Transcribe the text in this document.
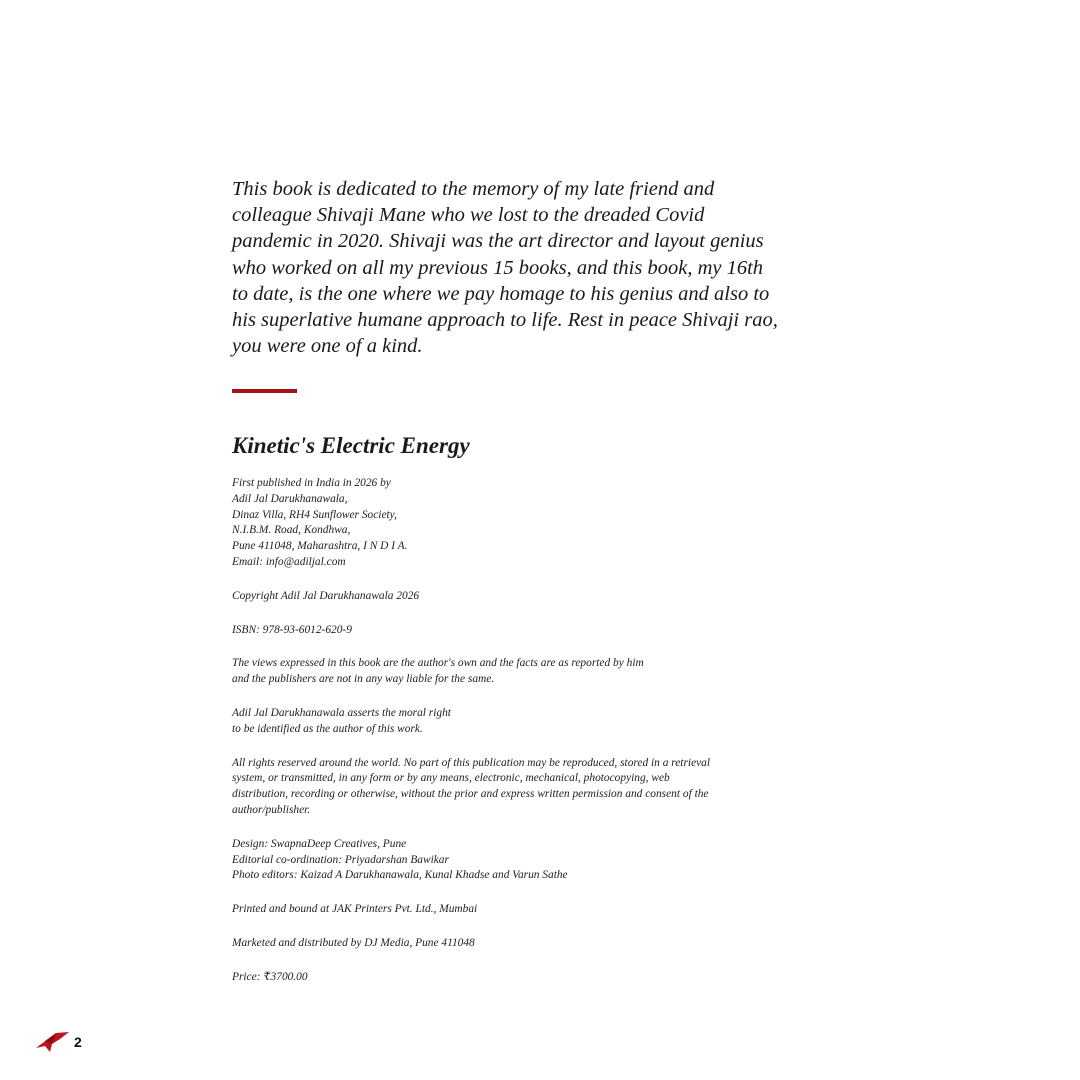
This book is dedicated to the memory of my late friend and
colleague Shivaji Mane who we lost to the dreaded Covid
pandemic in 2020. Shivaji was the art director and layout genius
who worked on all my previous 15 books, and this book, my 16th
to date, is the one where we pay homage to his genius and also to
his superlative humane approach to life. Rest in peace Shivaji rao,
you were one of a kind.
Kinetic's Electric Energy
First published in India in 2026 by
Adil Jal Darukhanawala,
Dinaz Villa, RH4 Sunflower Society,
N.I.B.M. Road, Kondhwa,
Pune 411048, Maharashtra, I N D I A.
Email: info@adiljal.com
Copyright Adil Jal Darukhanawala 2026
ISBN: 978-93-6012-620-9
The views expressed in this book are the author's own and the facts are as reported by him
and the publishers are not in any way liable for the same.
Adil Jal Darukhanawala asserts the moral right
to be identified as the author of this work.
All rights reserved around the world. No part of this publication may be reproduced, stored in a retrieval
system, or transmitted, in any form or by any means, electronic, mechanical, photocopying, web
distribution, recording or otherwise, without the prior and express written permission and consent of the
author/publisher.
Design: SwapnaDeep Creatives, Pune
Editorial co-ordination: Priyadarshan Bawikar
Photo editors: Kaizad A Darukhanawala, Kunal Khadse and Varun Sathe
Printed and bound at JAK Printers Pvt. Ltd., Mumbai
Marketed and distributed by DJ Media, Pune 411048
Price: ₹3700.00
2
